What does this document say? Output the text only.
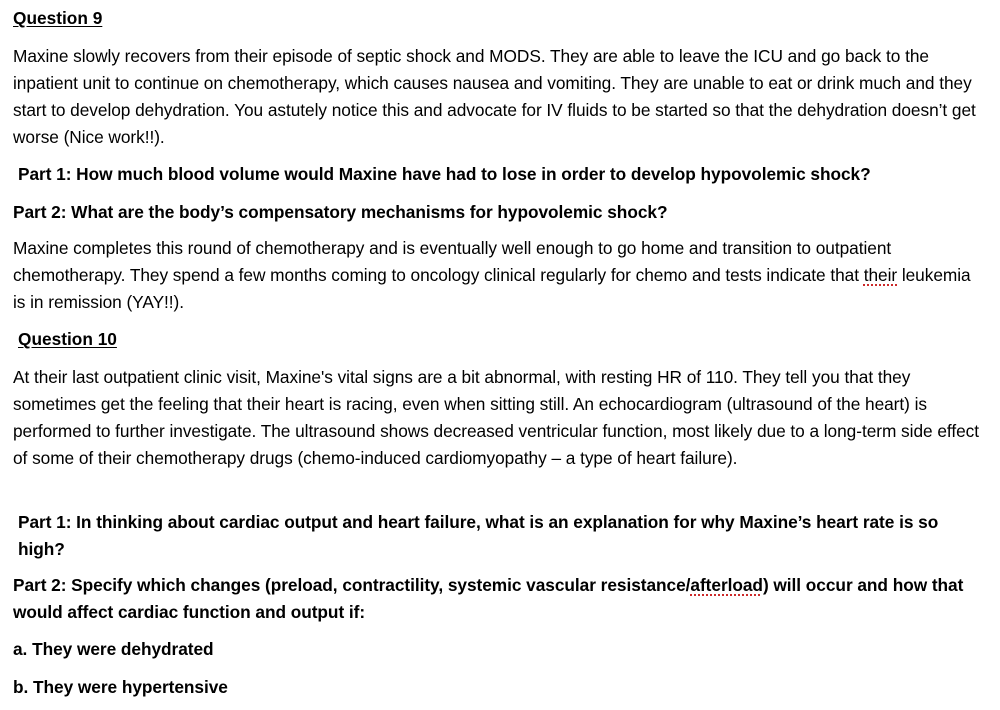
Question 9

Maxine slowly recovers from their episode of septic shock and MODS. They are able to leave the ICU and go back to the inpatient unit to continue on chemotherapy, which causes nausea and vomiting. They are unable to eat or drink much and they start to develop dehydration. You astutely notice this and advocate for IV fluids to be started so that the dehydration doesn’t get worse (Nice work!!).

Part 1: How much blood volume would Maxine have had to lose in order to develop hypovolemic shock?

Part 2: What are the body’s compensatory mechanisms for hypovolemic shock?

Maxine completes this round of chemotherapy and is eventually well enough to go home and transition to outpatient chemotherapy. They spend a few months coming to oncology clinical regularly for chemo and tests indicate that their leukemia is in remission (YAY!!).

Question 10

At their last outpatient clinic visit, Maxine's vital signs are a bit abnormal, with resting HR of 110. They tell you that they sometimes get the feeling that their heart is racing, even when sitting still. An echocardiogram (ultrasound of the heart) is performed to further investigate. The ultrasound shows decreased ventricular function, most likely due to a long-term side effect of some of their chemotherapy drugs (chemo-induced cardiomyopathy – a type of heart failure).

Part 1: In thinking about cardiac output and heart failure, what is an explanation for why Maxine’s heart rate is so high?

Part 2: Specify which changes (preload, contractility, systemic vascular resistance/afterload) will occur and how that would affect cardiac function and output if:

a. They were dehydrated

b. They were hypertensive
